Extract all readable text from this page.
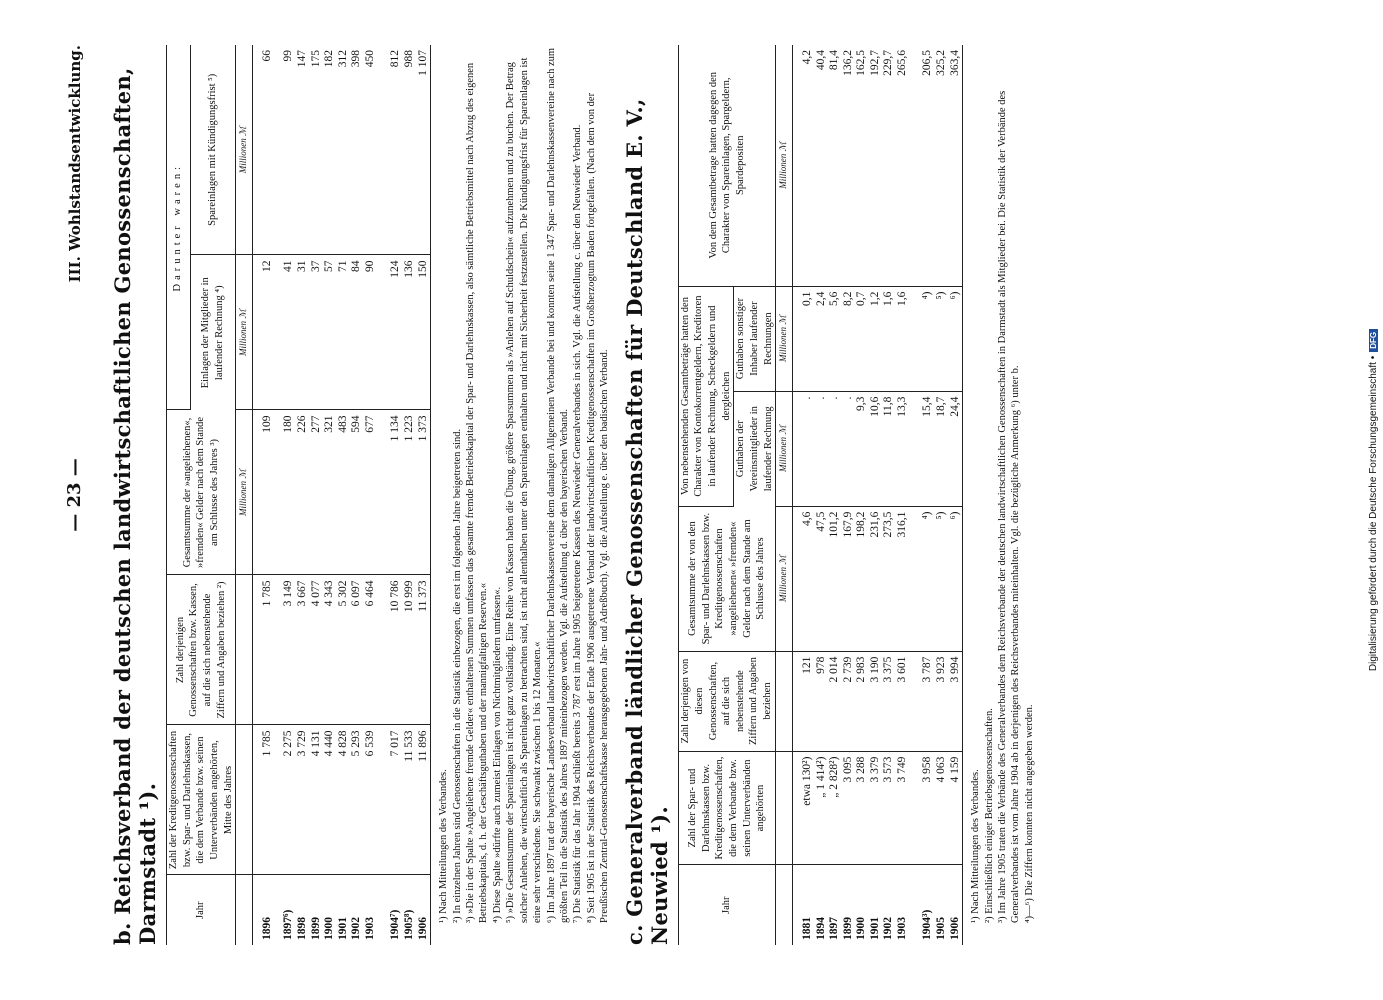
— 23 —
III. Wohlstandsentwicklung. b. Reichsverband der deutschen landwirtschaftlichen Genossenschaften, Darmstadt ¹).	Jahr	Zahl der Kreditgenossenschaften bzw. Spar- und Darlehnskassen, die dem Verbande bzw. seinen Unterverbänden angehörten, Mitte des Jahres	Zahl derjenigen Genossenschaften bzw. Kassen, auf die sich nebenstehende Ziffern und Angaben beziehen ²)	Gesamtsumme der »angeliehenen«, »fremden« Gelder nach dem Stande am Schlusse des Jahres ³)	Darunter waren:	
				Einlagen der Mitglieder in laufender Rechnung ⁴)	Spareinlagen mit Kündigungsfrist ⁵)
			Millionen ℳ	Millionen ℳ	Millionen ℳ
1896	1 785	1 785	109	12	66
1897⁶)	2 275	3 149	180	41	99
1898	3 729	3 667	226	31	147
1899	4 131	4 077	277	37	175
1900	4 440	4 343	321	57	182
1901	4 828	5 302	483	71	312
1902	5 293	6 097	594	84	398
1903	6 539	6 464	677	90	450
1904⁷)	7 017	10 786	1 134	124	812
1905⁸)	11 533	10 999	1 223	136	988
1906	11 896	11 373	1 373	150	1 107
¹) Nach Mitteilungen des Verbandes. ²) In einzelnen Jahren sind Genossenschaften in die Statistik einbezogen, die erst im folgenden Jahre beigetreten sind. ³) »Die in der Spalte »Angeliehene fremde Gelder« enthaltenen Summen umfassen das gesamte fremde Betriebskapital der Spar- und Darlehnskassen, also sämtliche Betriebsmittel nach Abzug des eigenen Betriebskapitals, d. h. der Geschäftsguthaben und der mannigfaltigen Reserven.« ⁴) Diese Spalte »dürfte auch zumeist Einlagen von Nichtmitgliedern umfassen«. ⁵) »Die Gesamtsumme der Spareinlagen ist nicht ganz vollständig. Eine Reihe von Kassen haben die Übung, größere Sparsummen als »Anlehen auf Schuldschein« aufzunehmen und zu buchen. Der Betrag solcher Anlehen, die wirtschaftlich als Spareinlagen zu betrachten sind, ist nicht allenthalben unter den Spareinlagen enthalten und nicht mit Sicherheit festzustellen. Die Kündigungsfrist für Spareinlagen ist eine sehr verschiedene. Sie schwankt zwischen 1 bis 12 Monaten.« ⁶) Im Jahre 1897 trat der bayerische Landesverband landwirtschaftlicher Darlehnskassenvereine dem damaligen Allgemeinen Verbande bei und konnten seine 1 347 Spar- und Darlehnskassenvereine nach zum größten Teil in die Statistik des Jahres 1897 miteinbezogen werden. Vgl. die Aufstellung d. über den bayerischen Verband. ⁷) Die Statistik für das Jahr 1904 schließt bereits 3 787 erst im Jahre 1905 beigetretene Kassen des Neuwieder Generalverbandes in sich. Vgl. die Aufstellung c. über den Neuwieder Verband. ⁸) Seit 1905 ist in der Statistik des Reichsverbandes der Ende 1906 ausgetretene Verband der landwirtschaftlichen Kreditgenossenschaften im Großherzogtum Baden fortgefallen. (Nach dem von der Preußischen Zentral-Genossenschaftskasse herausgegebenen Jahr- und Adreßbuch). Vgl. die Aufstellung e. über den badischen Verband. c. Generalverband ländlicher Genossenschaften für Deutschland E. V., Neuwied ¹).	Jahr	Zahl der Spar- und Darlehnskassen bzw. Kreditgenossenschaften, die dem Verbande bzw. seinen Unterverbänden angehörten	Zahl derjenigen von diesen Genossenschaften, auf die sich nebenstehende Ziffern und Angaben beziehen	Gesamtsumme der von den Spar- und Darlehnskassen bzw. Kreditgenossenschaften »angeliehenen« »fremden« Gelder nach dem Stande am Schlusse des Jahres	Von nebenstehenden Gesamtbeträge hatten den Charakter von Kontokorrentgeldern, Kreditoren in laufender Rechnung, Scheckgeldern und dergleichen		Von dem Gesamtbetrage hatten dagegen den Charakter von Spareinlagen, Spargeldern, Spardepositen
				Guthaben der Vereinsmitglieder in laufender Rechnung	Guthaben sonstiger Inhaber laufender Rechnungen	
			Millionen ℳ	Millionen ℳ	Millionen ℳ	Millionen ℳ
1881	etwa 130²)	121	4,6	.	0,1	4,2
1894	„ 1 414²)	978	47,5	.	2,4	40,4
1897	„ 2 828²)	2 014	101,2	.	5,6	81,4
1899	3 095	2 739	167,9	.	8,2	136,2
1900	3 288	2 983	198,2	9,3	0,7	162,5
1901	3 379	3 190	231,6	10,6	1,2	192,7
1902	3 573	3 375	273,5	11,8	1,6	229,7
1903	3 749	3 601	316,1	13,3	1,6	265,6
1904³)	3 958	3 787	⁴)	15,4	⁴)	206,5
1905	4 063	3 923	⁵)	18,7	⁵)	325,2
1906	4 159	3 994	⁶)	24,4	⁶)	363,4
¹) Nach Mitteilungen des Verbandes. ²) Einschließlich einiger Betriebsgenossenschaften. ³) Im Jahre 1905 traten die Verbände des Generalverbandes dem Reichsverbande der deutschen landwirtschaftlichen Genossenschaften in Darmstadt als Mitglieder bei. Die Statistik der Verbände des Generalverbandes ist vom Jahre 1904 ab in derjenigen des Reichsverbandes miteinhalten. Vgl. die bezügliche Anmerkung ⁶) unter b. ⁴)—⁶) Die Ziffern konnten nicht angegeben werden.
Digitalisierung gefördert durch die Deutsche Forschungsgemeinschaft •DFG
